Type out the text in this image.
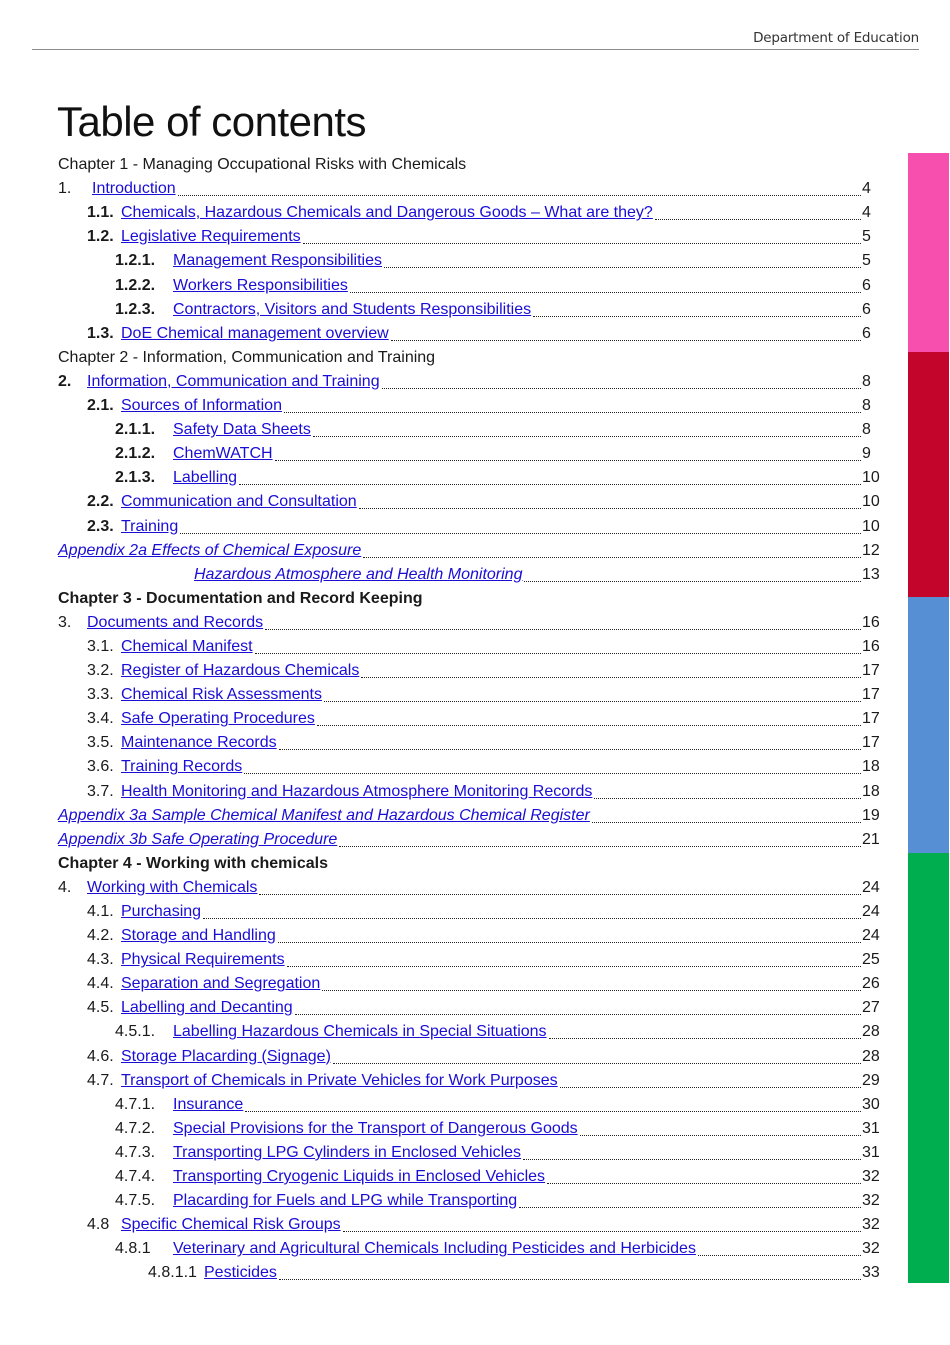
Department of Education
Table of contents
Chapter 1 - Managing Occupational Risks with Chemicals
1.	Introduction	4
1.1. Chemicals, Hazardous Chemicals and Dangerous Goods – What are they?	4
1.2. Legislative Requirements	5
1.2.1.	Management Responsibilities	5
1.2.2.	Workers Responsibilities	6
1.2.3.	Contractors, Visitors and Students Responsibilities	6
1.3. DoE Chemical management overview	6
Chapter 2 - Information, Communication and Training
2. Information, Communication and Training	8
2.1. Sources of Information	8
2.1.1.	Safety Data Sheets	8
2.1.2.	ChemWATCH	9
2.1.3.	Labelling	10
2.2. Communication and Consultation	10
2.3. Training	10
Appendix 2a Effects of Chemical Exposure	12
Hazardous Atmosphere and Health Monitoring	13
Chapter 3 - Documentation and Record Keeping
3. Documents and Records	16
3.1. Chemical Manifest	16
3.2. Register of Hazardous Chemicals	17
3.3. Chemical Risk Assessments	17
3.4. Safe Operating Procedures	17
3.5. Maintenance Records	17
3.6. Training Records	18
3.7. Health Monitoring and Hazardous Atmosphere Monitoring Records	18
Appendix 3a Sample Chemical Manifest and Hazardous Chemical Register	19
Appendix 3b Safe Operating Procedure	21
Chapter 4 - Working with chemicals
4. Working with Chemicals	24
4.1. Purchasing	24
4.2. Storage and Handling	24
4.3. Physical Requirements	25
4.4. Separation and Segregation	26
4.5. Labelling and Decanting	27
4.5.1.	Labelling Hazardous Chemicals in Special Situations	28
4.6. Storage Placarding (Signage)	28
4.7. Transport of Chemicals in Private Vehicles for Work Purposes	29
4.7.1.	Insurance	30
4.7.2.	Special Provisions for the Transport of Dangerous Goods	31
4.7.3.	Transporting LPG Cylinders in Enclosed Vehicles	31
4.7.4.	Transporting Cryogenic Liquids in Enclosed Vehicles	32
4.7.5.	Placarding for Fuels and LPG while Transporting	32
4.8 Specific Chemical Risk Groups	32
4.8.1	Veterinary and Agricultural Chemicals Including Pesticides and Herbicides	32
4.8.1.1 Pesticides	33
